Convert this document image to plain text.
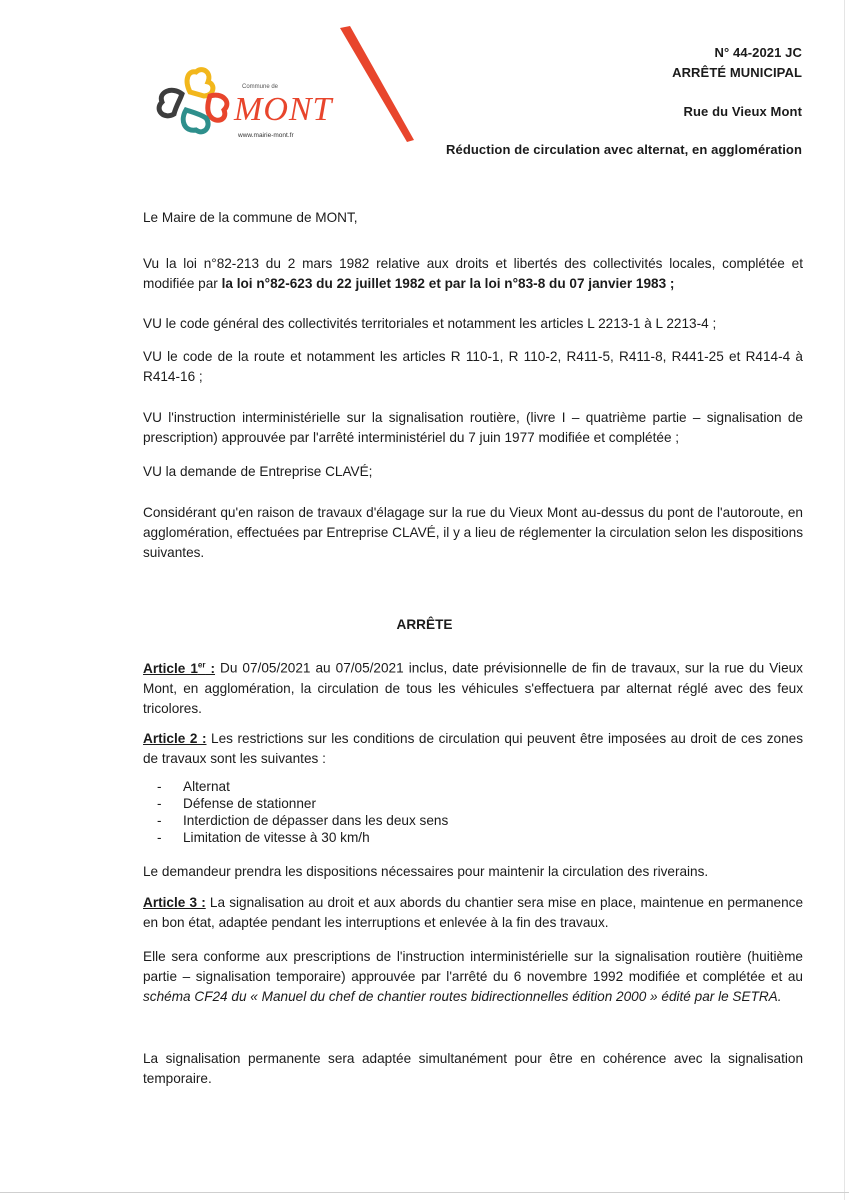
Commune de
MONT
www.mairie-mont.fr
N° 44-2021 JC
ARRÊTÉ MUNICIPAL
Rue du Vieux Mont
Réduction de circulation avec alternat, en agglomération
Le Maire de la commune de MONT,
Vu la loi n°82-213 du 2 mars 1982 relative aux droits et libertés des collectivités locales, complétée et modifiée par la loi n°82-623 du 22 juillet 1982 et par la loi n°83-8 du 07 janvier 1983 ;
VU le code général des collectivités territoriales et notamment les articles L 2213-1 à L 2213-4 ;
VU le code de la route et notamment les articles R 110-1, R 110-2, R411-5, R411-8, R441-25 et R414-4 à R414-16 ;
VU l'instruction interministérielle sur la signalisation routière, (livre I – quatrième partie – signalisation de prescription) approuvée par l'arrêté interministériel du 7 juin 1977 modifiée et complétée ;
VU la demande de Entreprise CLAVÉ;
Considérant qu'en raison de travaux d'élagage sur la rue du Vieux Mont au-dessus du pont de l'autoroute, en agglomération, effectuées par Entreprise CLAVÉ, il y a lieu de réglementer la circulation selon les dispositions suivantes.
ARRÊTE
Article 1er : Du 07/05/2021 au 07/05/2021 inclus, date prévisionnelle de fin de travaux, sur la rue du Vieux Mont, en agglomération, la circulation de tous les véhicules s'effectuera par alternat réglé avec des feux tricolores.
Article 2 : Les restrictions sur les conditions de circulation qui peuvent être imposées au droit de ces zones de travaux sont les suivantes :
- Alternat
- Défense de stationner
- Interdiction de dépasser dans les deux sens
- Limitation de vitesse à 30 km/h
Le demandeur prendra les dispositions nécessaires pour maintenir la circulation des riverains.
Article 3 : La signalisation au droit et aux abords du chantier sera mise en place, maintenue en permanence en bon état, adaptée pendant les interruptions et enlevée à la fin des travaux.
Elle sera conforme aux prescriptions de l'instruction interministérielle sur la signalisation routière (huitième partie – signalisation temporaire) approuvée par l'arrêté du 6 novembre 1992 modifiée et complétée et au schéma CF24 du « Manuel du chef de chantier routes bidirectionnelles édition 2000 » édité par le SETRA.
La signalisation permanente sera adaptée simultanément pour être en cohérence avec la signalisation temporaire.
